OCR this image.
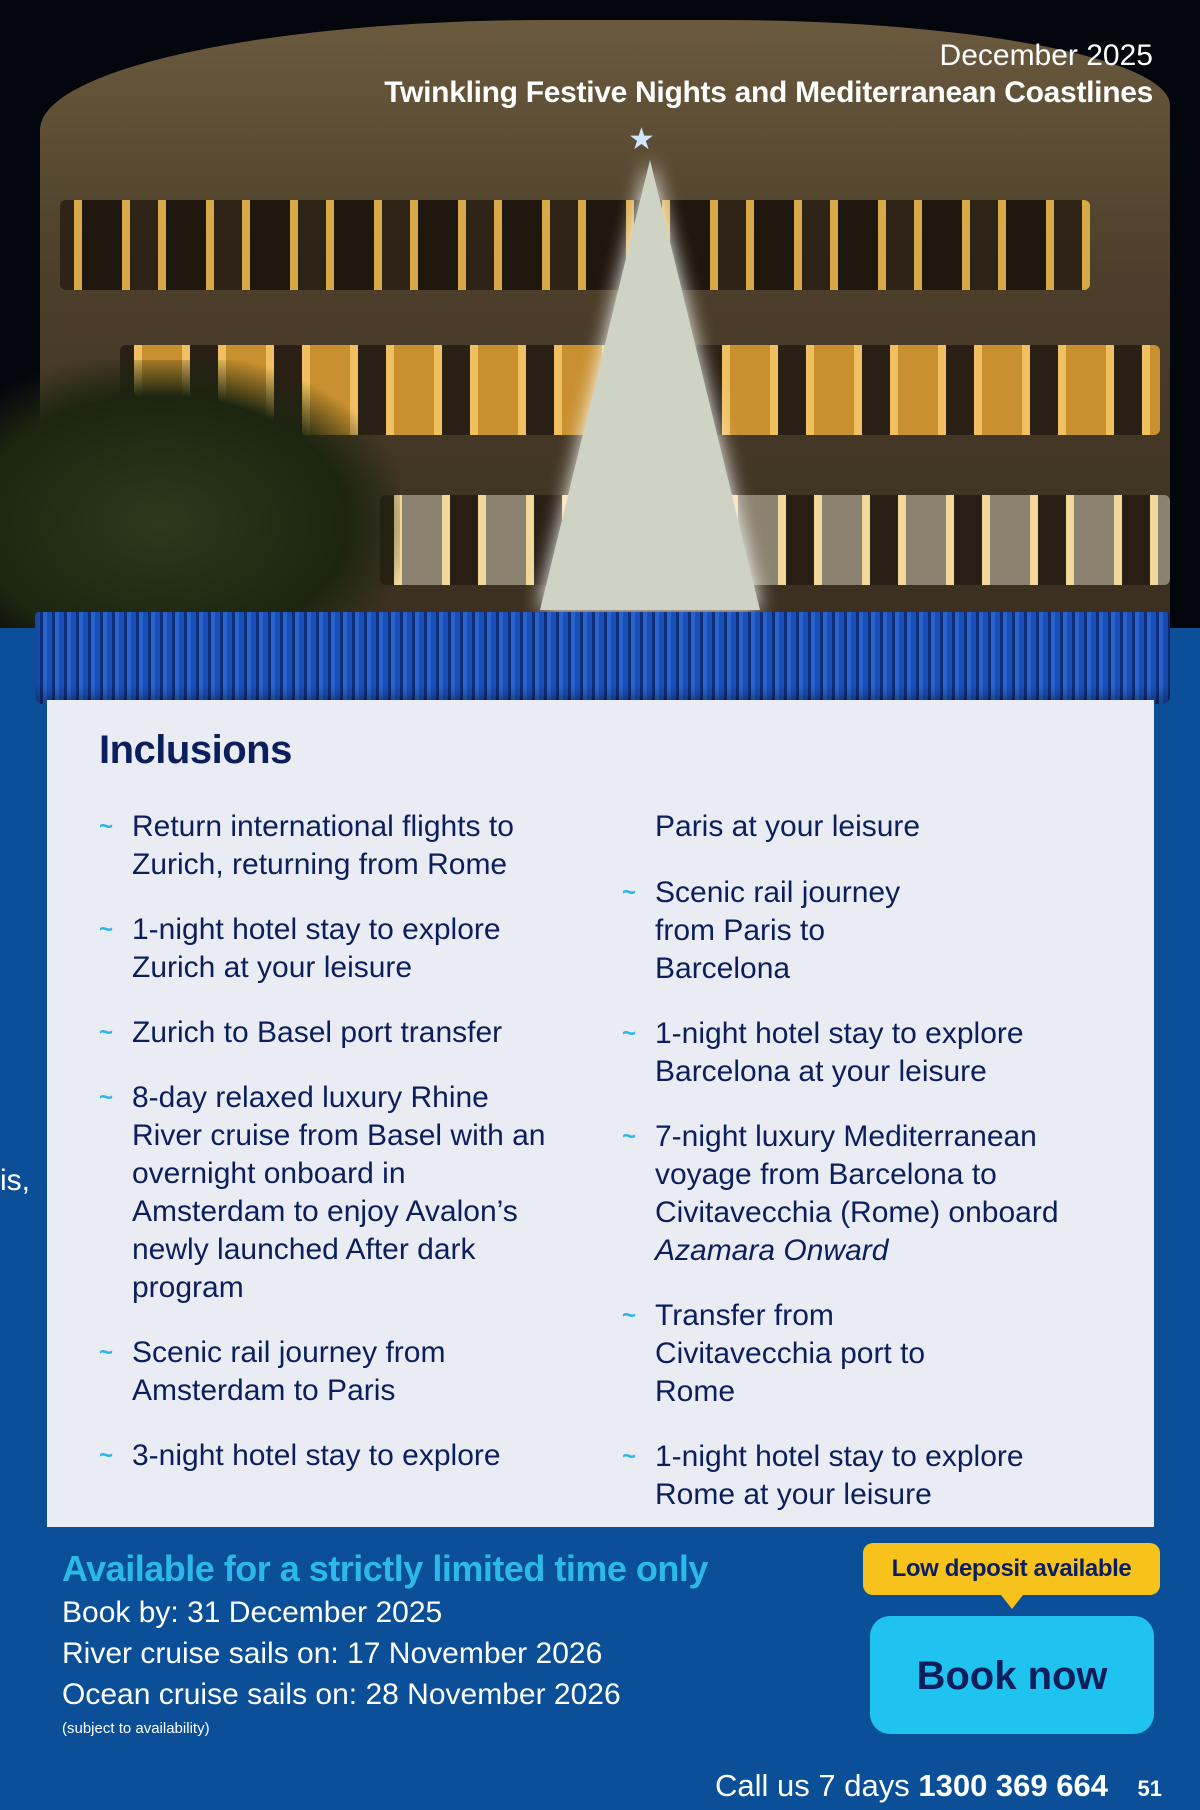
★
December 2025
Twinkling Festive Nights and Mediterranean Coastlines
is,
Inclusions
~ Return international flights to Zurich, returning from Rome
~ 1-night hotel stay to explore Zurich at your leisure
~ Zurich to Basel port transfer
~ 8-day relaxed luxury Rhine River cruise from Basel with an overnight onboard in Amsterdam to enjoy Avalon’s newly launched After dark program
~ Scenic rail journey from Amsterdam to Paris
~ 3-night hotel stay to explore
Paris at your leisure
~ Scenic rail journey from Paris to Barcelona
~ 1-night hotel stay to explore Barcelona at your leisure
~ 7-night luxury Mediterranean voyage from Barcelona to Civitavecchia (Rome) onboard Azamara Onward
~ Transfer from Civitavecchia port to Rome
~ 1-night hotel stay to explore Rome at your leisure
Available for a strictly limited time only
Book by: 31 December 2025
River cruise sails on: 17 November 2026
Ocean cruise sails on: 28 November 2026
(subject to availability)
Low deposit available
Book now
Call us 7 days 1300 369 664 51
